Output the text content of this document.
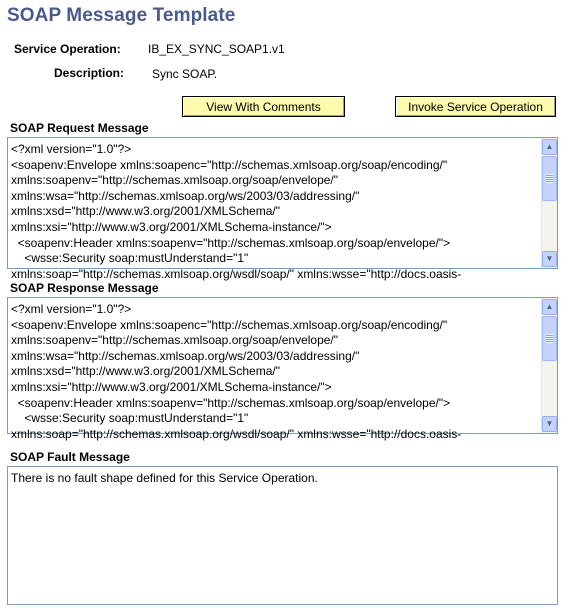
SOAP Message Template
Service Operation: IB_EX_SYNC_SOAP1.v1
Description: Sync SOAP.
View With Comments	Invoke Service Operation
SOAP Request Message
<?xml version="1.0"?>
<soapenv:Envelope xmlns:soapenc="http://schemas.xmlsoap.org/soap/encoding/"
xmlns:soapenv="http://schemas.xmlsoap.org/soap/envelope/"
xmlns:wsa="http://schemas.xmlsoap.org/ws/2003/03/addressing/"
xmlns:xsd="http://www.w3.org/2001/XMLSchema/"
xmlns:xsi="http://www.w3.org/2001/XMLSchema-instance/">
<soapenv:Header xmlns:soapenv="http://schemas.xmlsoap.org/soap/envelope/">
<wsse:Security soap:mustUnderstand="1"
xmlns:soap="http://schemas.xmlsoap.org/wsdl/soap/" xmlns:wsse="http://docs.oasis-
▲
▼
SOAP Response Message
<?xml version="1.0"?>
<soapenv:Envelope xmlns:soapenc="http://schemas.xmlsoap.org/soap/encoding/"
xmlns:soapenv="http://schemas.xmlsoap.org/soap/envelope/"
xmlns:wsa="http://schemas.xmlsoap.org/ws/2003/03/addressing/"
xmlns:xsd="http://www.w3.org/2001/XMLSchema/"
xmlns:xsi="http://www.w3.org/2001/XMLSchema-instance/">
<soapenv:Header xmlns:soapenv="http://schemas.xmlsoap.org/soap/envelope/">
<wsse:Security soap:mustUnderstand="1"
xmlns:soap="http://schemas.xmlsoap.org/wsdl/soap/" xmlns:wsse="http://docs.oasis-
▲
▼
SOAP Fault Message
There is no fault shape defined for this Service Operation.
